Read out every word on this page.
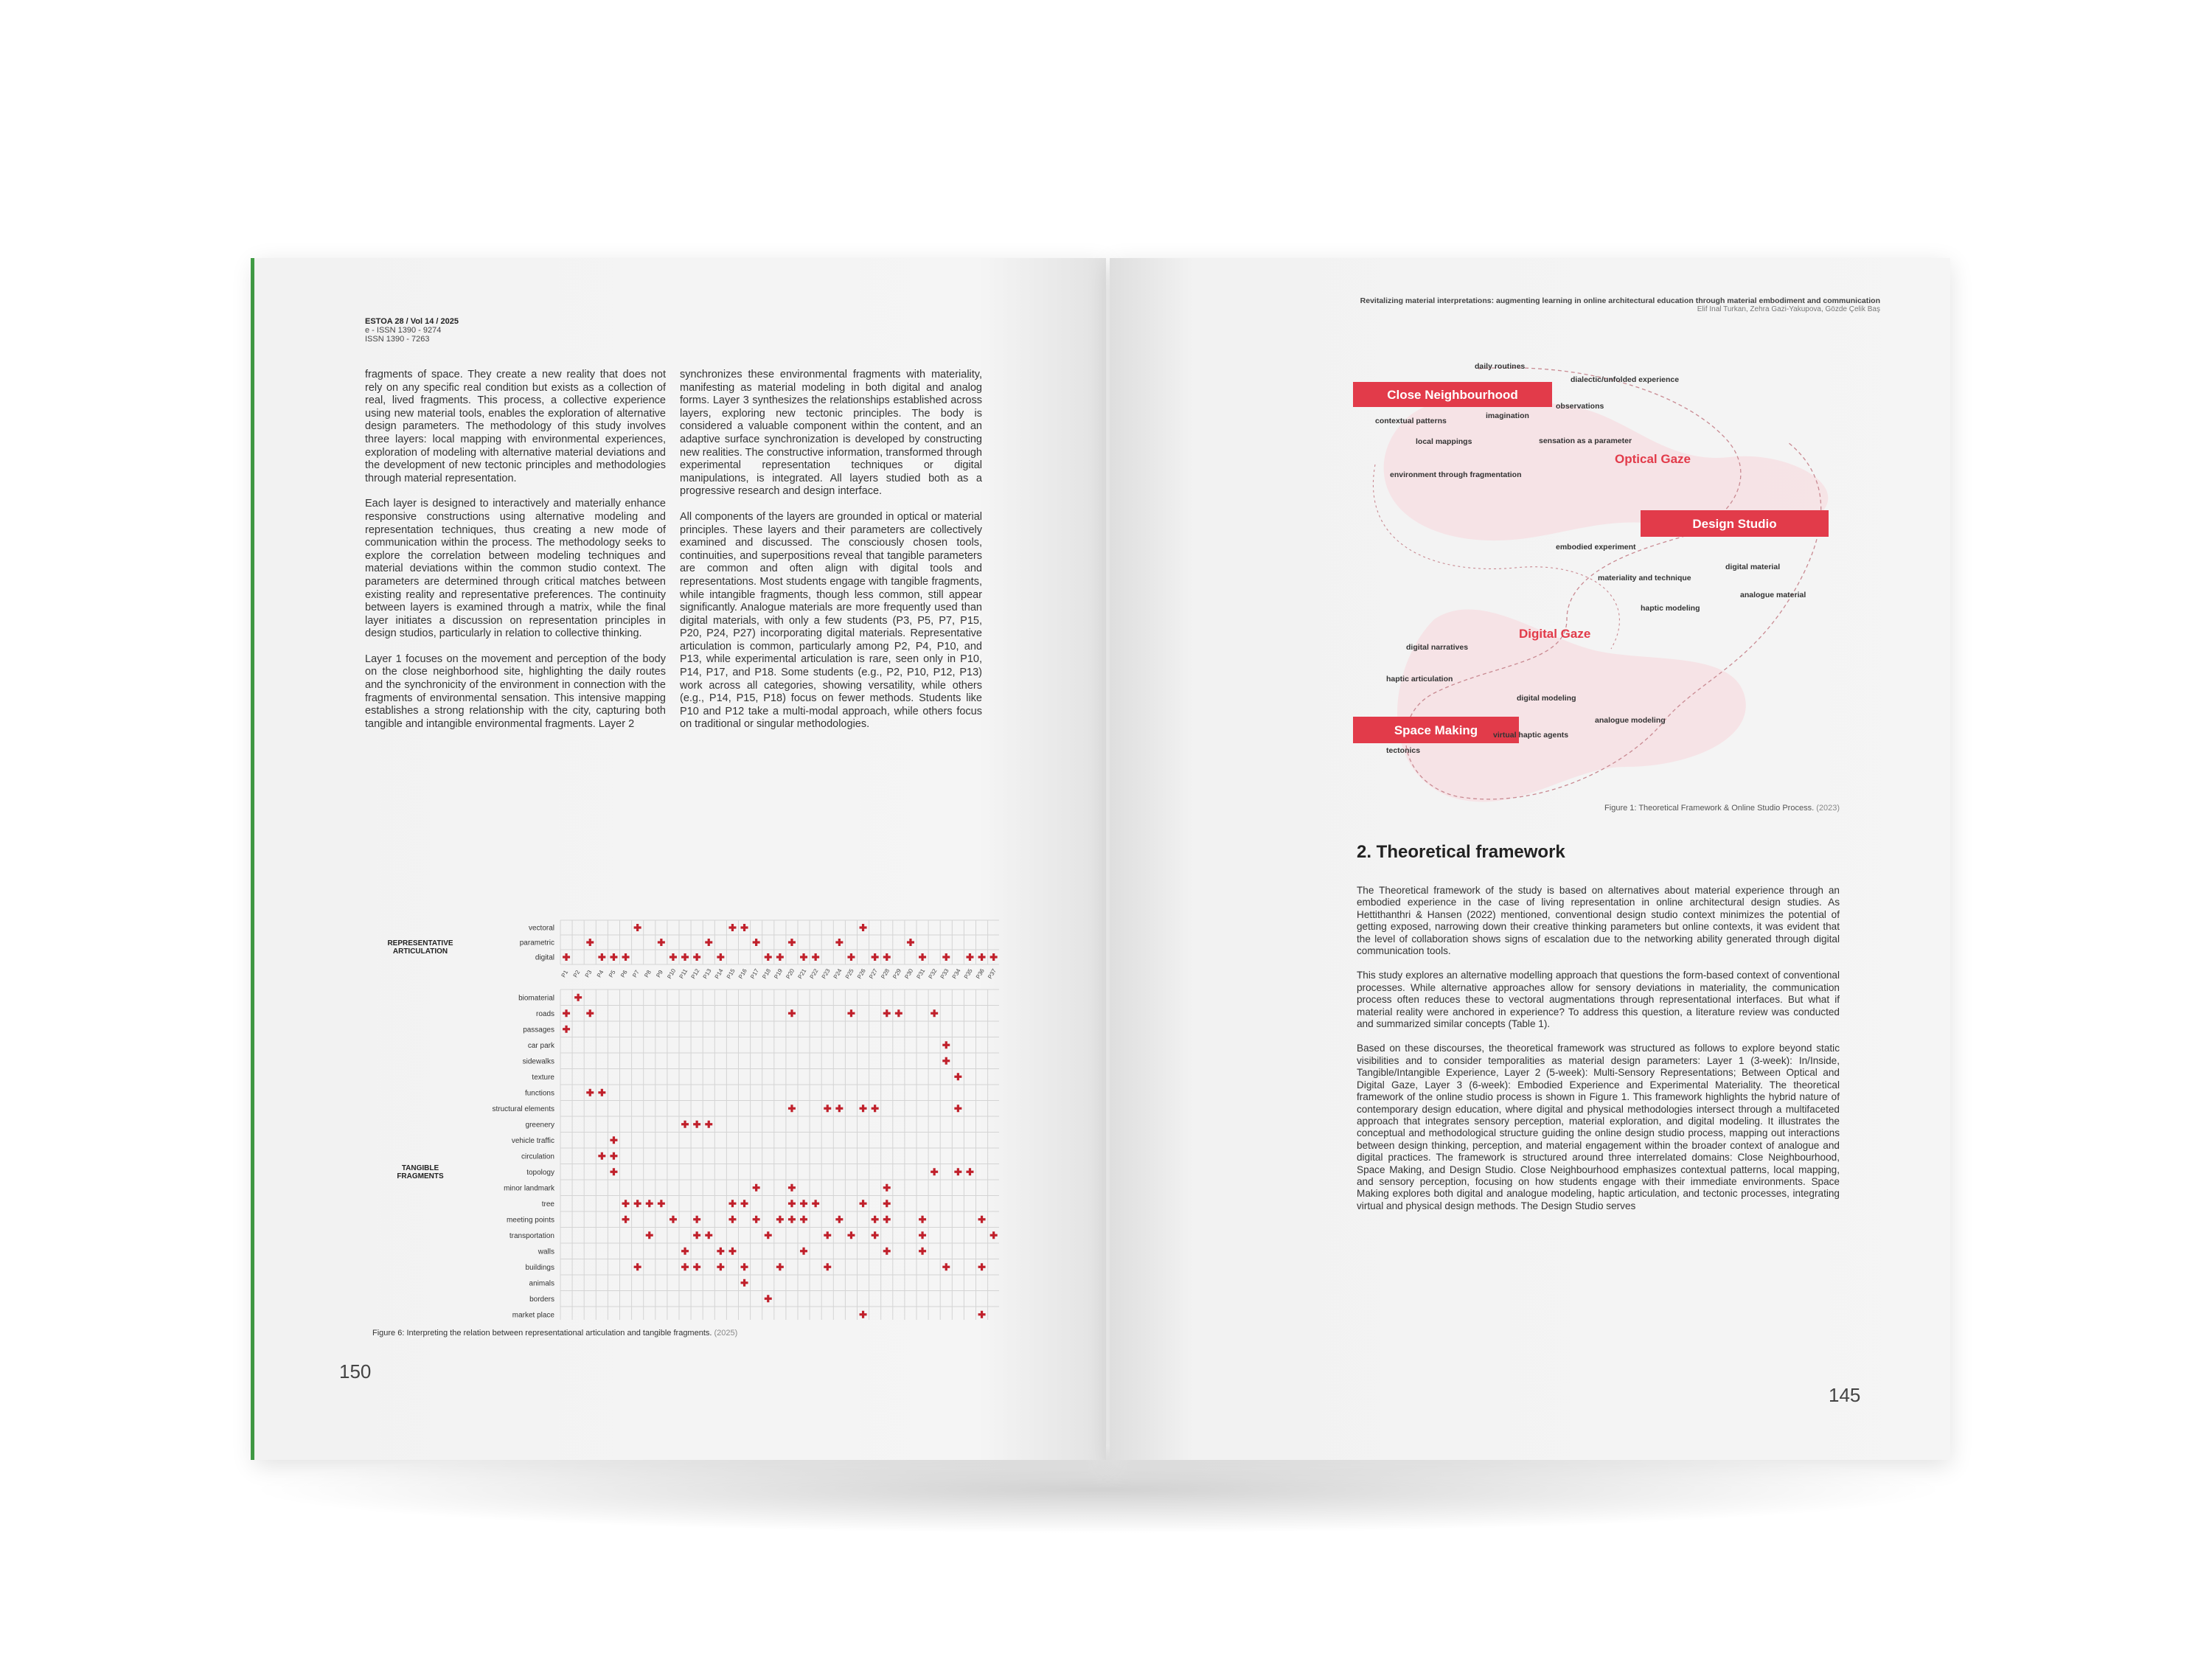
ESTOA 28 / Vol 14 / 2025
e - ISSN 1390 - 9274
ISSN 1390 - 7263

fragments of space. They create a new reality that does not rely on any specific real condition but exists as a collection of real, lived fragments. This process, a collective experience using new material tools, enables the exploration of alternative design parameters. The methodology of this study involves three layers: local mapping with environmental experiences, exploration of modeling with alternative material deviations and the development of new tectonic principles and methodologies through material representation.

Each layer is designed to interactively and materially enhance responsive constructions using alternative modeling and representation techniques, thus creating a new mode of communication within the process. The methodology seeks to explore the correlation between modeling techniques and material deviations within the common studio context. The parameters are determined through critical matches between existing reality and representative preferences. The continuity between layers is examined through a matrix, while the final layer initiates a discussion on representation principles in design studios, particularly in relation to collective thinking.

Layer 1 focuses on the movement and perception of the body on the close neighborhood site, highlighting the daily routes and the synchronicity of the environment in connection with the fragments of environmental sensation. This intensive mapping establishes a strong relationship with the city, capturing both tangible and intangible environmental fragments. Layer 2

synchronizes these environmental fragments with materiality, manifesting as material modeling in both digital and analog forms. Layer 3 synthesizes the relationships established across layers, exploring new tectonic principles. The body is considered a valuable component within the content, and an adaptive surface synchronization is developed by constructing new realities. The constructive information, transformed through experimental representation techniques or digital manipulations, is integrated. All layers studied both as a progressive research and design interface.

All components of the layers are grounded in optical or material principles. These layers and their parameters are collectively examined and discussed. The consciously chosen tools, continuities, and superpositions reveal that tangible parameters are common and often align with digital tools and representations. Most students engage with tangible fragments, while intangible fragments, though less common, still appear significantly. Analogue materials are more frequently used than digital materials, with only a few students (P3, P5, P7, P15, P20, P24, P27) incorporating digital materials. Representative articulation is common, particularly among P2, P4, P10, and P13, while experimental articulation is rare, seen only in P10, P14, P17, and P18. Some students (e.g., P2, P10, P12, P13) work across all categories, showing versatility, while others (e.g., P14, P15, P18) focus on fewer methods. Students like P10 and P12 take a multi-modal approach, while others focus on traditional or singular methodologies.

REPRESENTATIVE
ARTICULATION
TANGIBLE
FRAGMENTS
vectoral
parametric
digital
biomaterial
roads
passages
car park
sidewalks
texture
functions
structural elements
greenery
vehicle traffic
circulation
topology
minor landmark
tree
meeting points
transportation
walls
buildings
animals
borders
market place
P1 P2 P3 P4 P5 P6 P7 P8 P9 P10 P11 P12 P13 P14 P15 P16 P17 P18 P19 P20 P21 P22 P23 P24 P25 P26 P27 P28 P29 P30 P31 P32 P33 P34 P35 P36 P37
Figure 6: Interpreting the relation between representational articulation and tangible fragments. (2025)
150
Revitalizing material interpretations: augmenting learning in online architectural education through material embodiment and communication
Elif Inal Turkan, Zehra Gazi-Yakupova, Gözde Çelik Baş
Close Neighbourhood
Design Studio
Space Making
Optical Gaze
Digital Gaze
daily routines
dialectic/unfolded experience
contextual patterns
imagination
observations
local mappings	sensation as a parameter
environment through fragmentation
embodied experiment
digital material
materiality and technique
analogue material
haptic modeling
digital narratives
haptic articulation
digital modeling
analogue modeling
virtual haptic agents
tectonics
Figure 1: Theoretical Framework & Online Studio Process. (2023)
2. Theoretical framework

The Theoretical framework of the study is based on alternatives about material experience through an embodied experience in the case of living representation in online architectural design studies. As Hettithanthri & Hansen (2022) mentioned, conventional design studio context minimizes the potential of getting exposed, narrowing down their creative thinking parameters but online contexts, it was evident that the level of collaboration shows signs of escalation due to the networking ability generated through digital communication tools.

This study explores an alternative modelling approach that questions the form-based context of conventional processes. While alternative approaches allow for sensory deviations in materiality, the communication process often reduces these to vectoral augmentations through representational interfaces. But what if material reality were anchored in experience? To address this question, a literature review was conducted and summarized similar concepts (Table 1).

Based on these discourses, the theoretical framework was structured as follows to explore beyond static visibilities and to consider temporalities as material design parameters: Layer 1 (3-week): In/Inside, Tangible/Intangible Experience, Layer 2 (5-week): Multi-Sensory Representations; Between Optical and Digital Gaze, Layer 3 (6-week): Embodied Experience and Experimental Materiality. The theoretical framework of the online studio process is shown in Figure 1. This framework highlights the hybrid nature of contemporary design education, where digital and physical methodologies intersect through a multifaceted approach that integrates sensory perception, material exploration, and digital modeling. It illustrates the conceptual and methodological structure guiding the online design studio process, mapping out interactions between design thinking, perception, and material engagement within the broader context of analogue and digital practices. The framework is structured around three interrelated domains: Close Neighbourhood, Space Making, and Design Studio. Close Neighbourhood emphasizes contextual patterns, local mapping, and sensory perception, focusing on how students engage with their immediate environments. Space Making explores both digital and analogue modeling, haptic articulation, and tectonic processes, integrating virtual and physical design methods. The Design Studio serves

145
